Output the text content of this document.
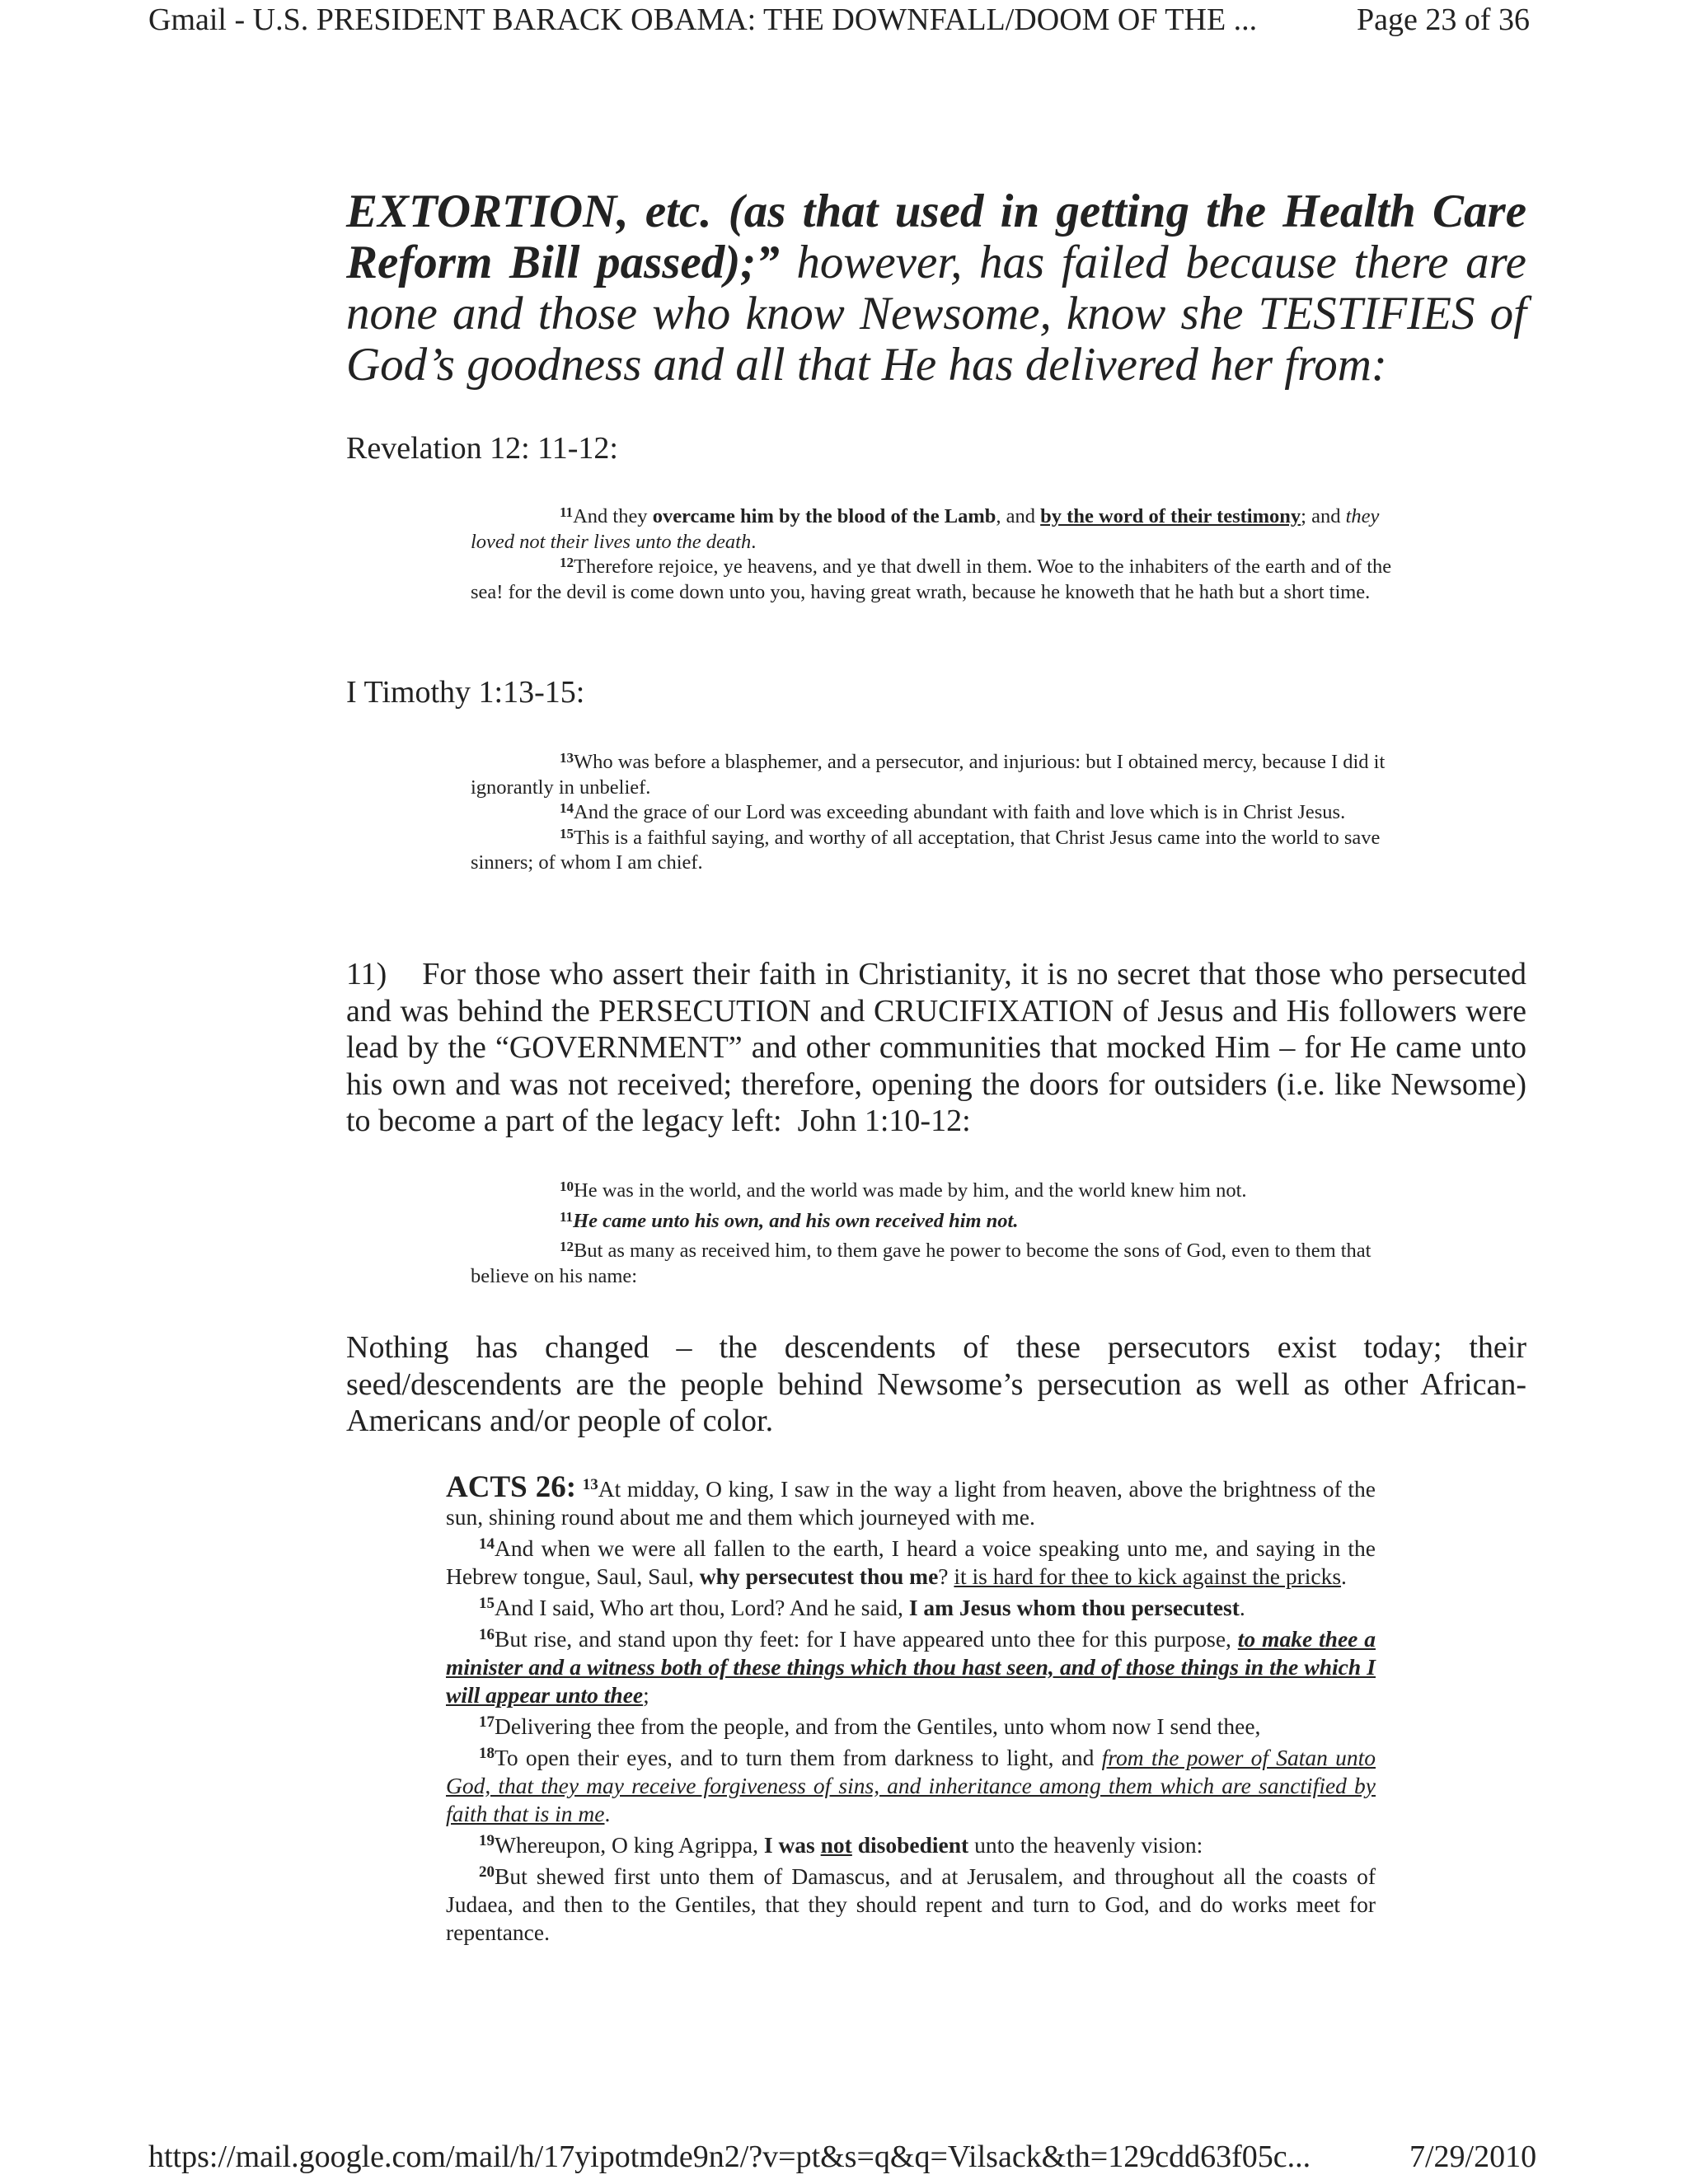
Gmail - U.S. PRESIDENT BARACK OBAMA: THE DOWNFALL/DOOM OF THE ...	Page 23 of 36
EXTORTION, etc. (as that used in getting the Health Care Reform Bill passed);” however, has failed because there are none and those who know Newsome, know she TESTIFIES of God’s goodness and all that He has delivered her from:
Revelation 12: 11-12:

$^{11}$And they overcame him by the blood of the Lamb, and by the word of their testimony; and they loved not their lives unto the death.

$^{12}$Therefore rejoice, ye heavens, and ye that dwell in them. Woe to the inhabiters of the earth and of the sea! for the devil is come down unto you, having great wrath, because he knoweth that he hath but a short time.

I Timothy 1:13-15:

$^{13}$Who was before a blasphemer, and a persecutor, and injurious: but I obtained mercy, because I did it ignorantly in unbelief.

$^{14}$And the grace of our Lord was exceeding abundant with faith and love which is in Christ Jesus.

$^{15}$This is a faithful saying, and worthy of all acceptation, that Christ Jesus came into the world to save sinners; of whom I am chief.

11)    For those who assert their faith in Christianity, it is no secret that those who persecuted and was behind the PERSECUTION and CRUCIFIXATION of Jesus and His followers were lead by the “GOVERNMENT” and other communities that mocked Him – for He came unto his own and was not received; therefore, opening the doors for outsiders (i.e. like Newsome) to become a part of the legacy left:  John 1:10-12:

$^{10}$He was in the world, and the world was made by him, and the world knew him not.

$^{11}$He came unto his own, and his own received him not.

$^{12}$But as many as received him, to them gave he power to become the sons of God, even to them that believe on his name:

Nothing has changed – the descendents of these persecutors exist today; their seed/descendents are the people behind Newsome’s persecution as well as other African-Americans and/or people of color.

ACTS 26: $^{13}$At midday, O king, I saw in the way a light from heaven, above the brightness of the sun, shining round about me and them which journeyed with me.

$^{14}$And when we were all fallen to the earth, I heard a voice speaking unto me, and saying in the Hebrew tongue, Saul, Saul, why persecutest thou me? it is hard for thee to kick against the pricks.

$^{15}$And I said, Who art thou, Lord? And he said, I am Jesus whom thou persecutest.

$^{16}$But rise, and stand upon thy feet: for I have appeared unto thee for this purpose, to make thee a minister and a witness both of these things which thou hast seen, and of those things in the which I will appear unto thee;

$^{17}$Delivering thee from the people, and from the Gentiles, unto whom now I send thee,

$^{18}$To open their eyes, and to turn them from darkness to light, and from the power of Satan unto God, that they may receive forgiveness of sins, and inheritance among them which are sanctified by faith that is in me.

$^{19}$Whereupon, O king Agrippa, I was not disobedient unto the heavenly vision:

$^{20}$But shewed first unto them of Damascus, and at Jerusalem, and throughout all the coasts of Judaea, and then to the Gentiles, that they should repent and turn to God, and do works meet for repentance.

https://mail.google.com/mail/h/17yipotmde9n2/?v=pt&s=q&q=Vilsack&th=129cdd63f05c...	7/29/2010
